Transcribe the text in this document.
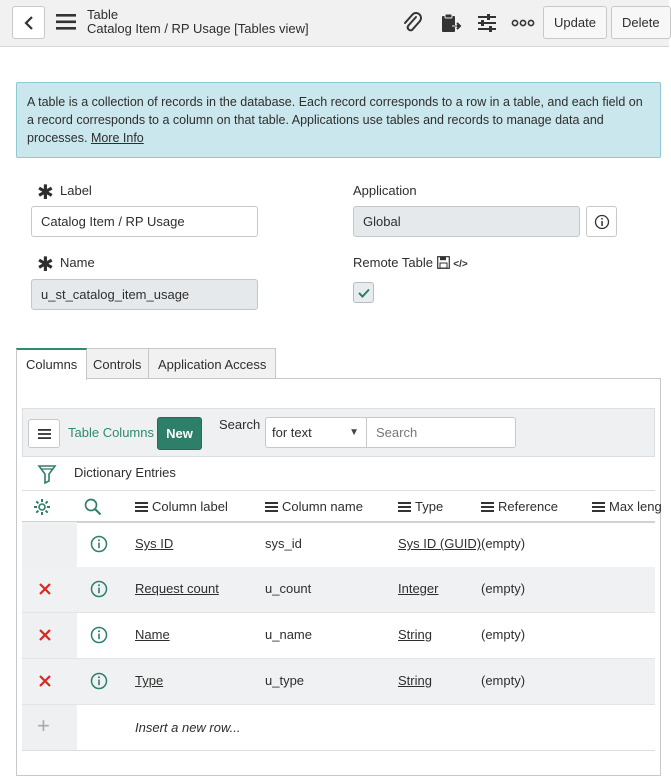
Table
Catalog Item / RP Usage [Tables view]	Update	Delete
A table is a collection of records in the database. Each record corresponds to a row in a table, and each field on a record corresponds to a column on that table. Applications use tables and records to manage data and processes. More Info
✱ Label
Catalog Item / RP Usage
✱ Name
u_st_catalog_item_usage
Application
Global
Remote Table </>
Columns	Controls	Application Access
Table Columns New
Search
for text	▼	Search
Dictionary Entries
Column label	Column name	Type	Reference	Max leng
Sys ID	sys_id	Sys ID (GUID) (empty)
Request count	u_count	Integer	(empty)
Name	u_name	String	(empty)
Type	u_type	String	(empty)
+	Insert a new row...
